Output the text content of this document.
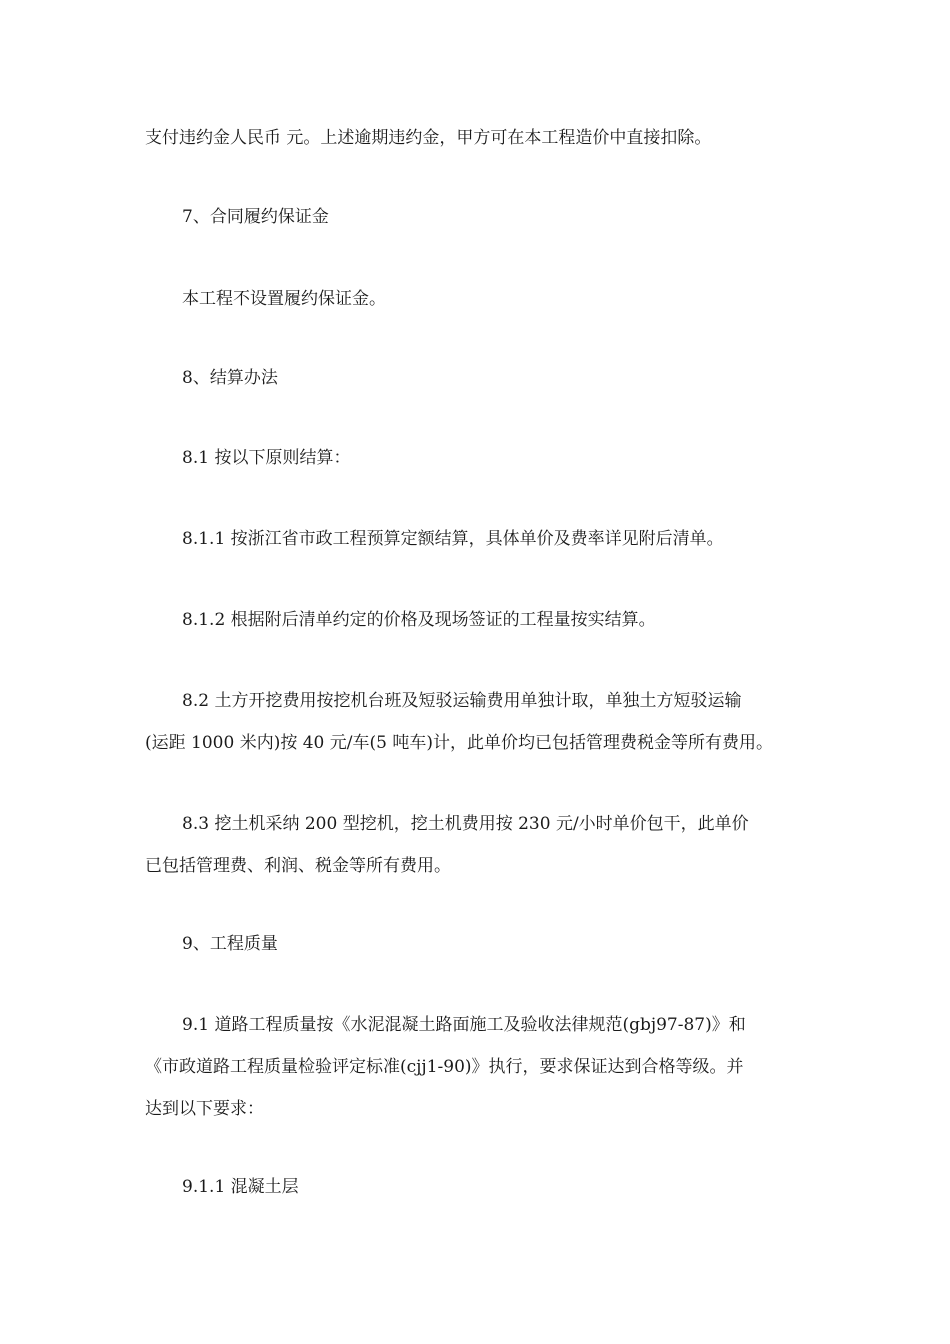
支付违约金人民币 元。上述逾期违约金，甲方可在本工程造价中直接扣除。

7、合同履约保证金

本工程不设置履约保证金。

8、结算办法

8.1 按以下原则结算：

8.1.1 按浙江省市政工程预算定额结算，具体单价及费率详见附后清单。

8.1.2 根据附后清单约定的价格及现场签证的工程量按实结算。

8.2 土方开挖费用按挖机台班及短驳运输费用单独计取，单独土方短驳运输
(运距 1000 米内)按 40 元/车(5 吨车)计，此单价均已包括管理费税金等所有费用。

8.3 挖土机采纳 200 型挖机，挖土机费用按 230 元/小时单价包干，此单价
已包括管理费、利润、税金等所有费用。

9、工程质量

9.1 道路工程质量按《水泥混凝土路面施工及验收法律规范(gbj97-87)》和
《市政道路工程质量检验评定标准(cjj1-90)》执行，要求保证达到合格等级。并
达到以下要求：

9.1.1 混凝土层
